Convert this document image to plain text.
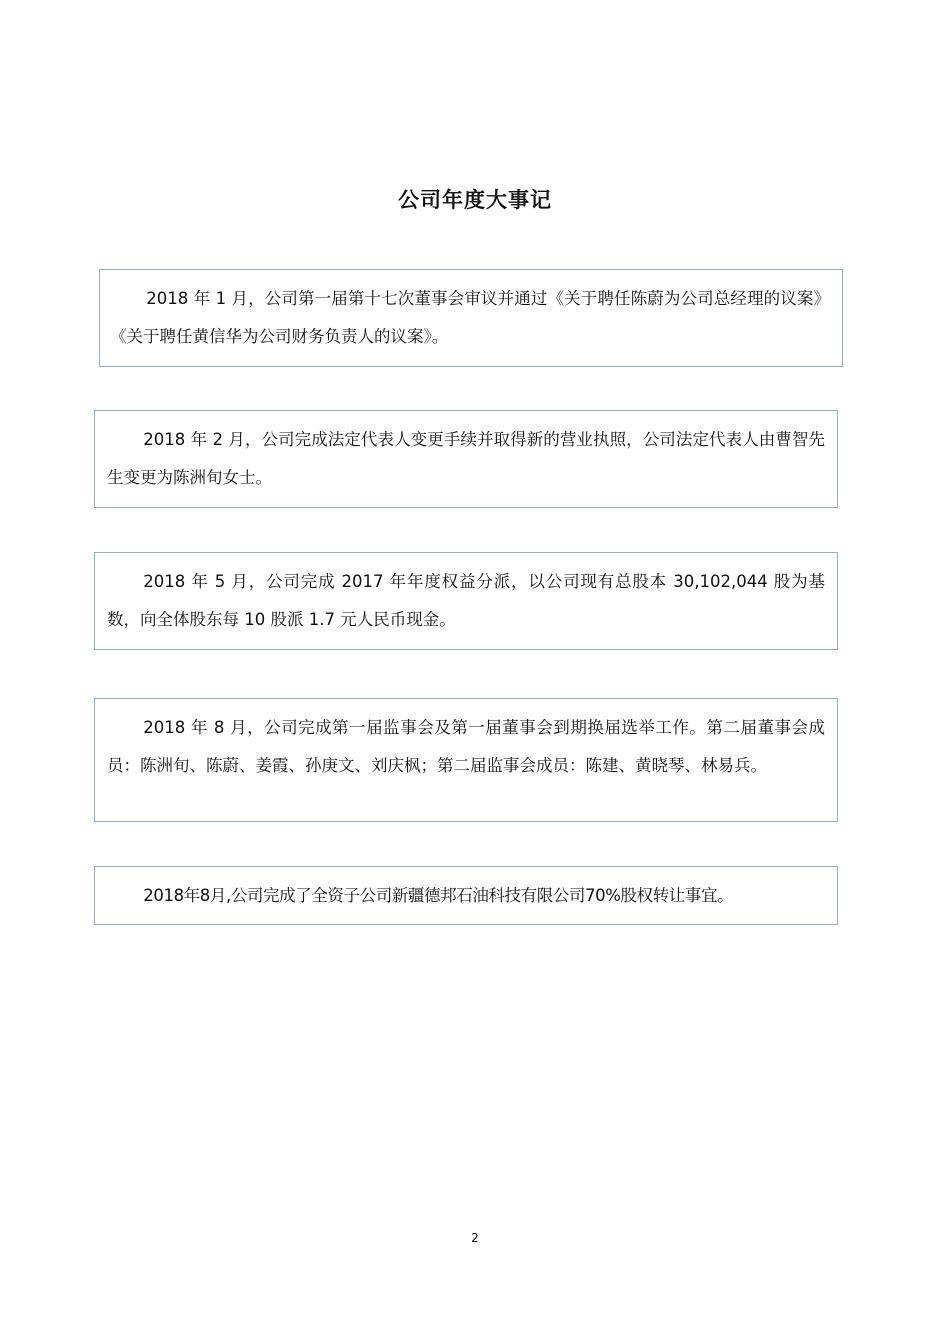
公司年度大事记

2018 年 1 月，公司第一届第十七次董事会审议并通过《关于聘任陈蔚为公司总经理的议案》《关于聘任黄信华为公司财务负责人的议案》。

2018 年 2 月，公司完成法定代表人变更手续并取得新的营业执照，公司法定代表人由曹智先生变更为陈洲旬女士。

2018 年 5 月，公司完成 2017 年年度权益分派，以公司现有总股本 30,102,044 股为基数，向全体股东每 10 股派 1.7 元人民币现金。

2018 年 8 月，公司完成第一届监事会及第一届董事会到期换届选举工作。第二届董事会成员：陈洲旬、陈蔚、姜霞、孙庚文、刘庆枫；第二届监事会成员：陈建、黄晓琴、林易兵。

2018年8月,公司完成了全资子公司新疆德邦石油科技有限公司70%股权转让事宜。

2
